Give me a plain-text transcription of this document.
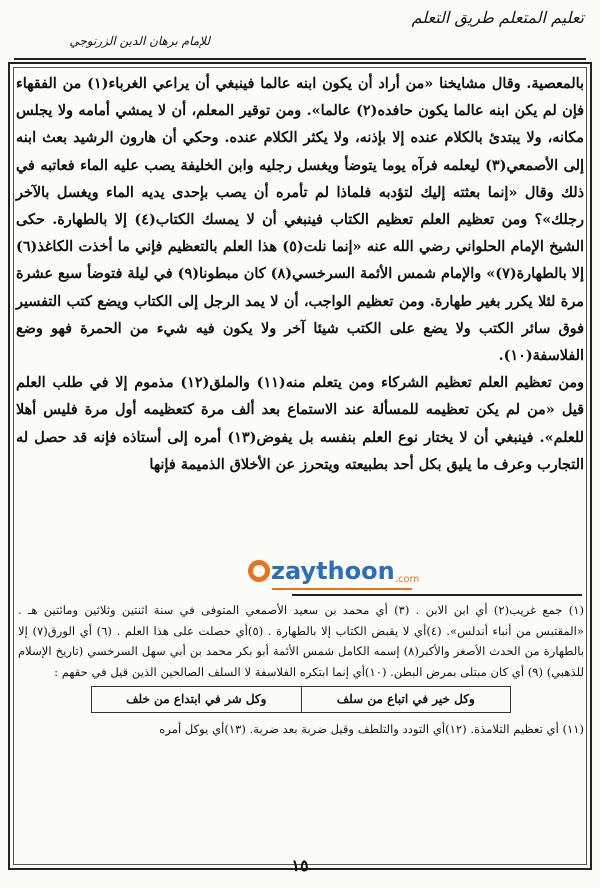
تعليم المتعلم طريق التعلم
للإمام برهان الدين الزرنوجي

بالمعصية. وقال مشايخنا «من أراد أن يكون ابنه عالما فينبغي أن يراعي الغرباء(١) من الفقهاء فإن لم يكن ابنه عالما يكون حافده(٢) عالما». ومن توقير المعلم، أن لا يمشي أمامه ولا يجلس مكانه، ولا يبتدئ بالكلام عنده إلا بإذنه، ولا يكثر الكلام عنده. وحكي أن هارون الرشيد بعث ابنه إلى الأصمعي(٣) ليعلمه فرآه يوما يتوضأ ويغسل رجليه وابن الخليفة يصب عليه الماء فعاتبه في ذلك وقال «إنما بعثته إليك لتؤدبه فلماذا لم تأمره أن يصب بإحدى يديه الماء ويغسل بالآخر رجلك»؟ ومن تعظيم العلم تعظيم الكتاب فينبغي أن لا يمسك الكتاب(٤) إلا بالطهارة. حكى الشيخ الإمام الحلواني رضي الله عنه «إنما نلت(٥) هذا العلم بالتعظيم فإني ما أخذت الكاغذ(٦) إلا بالطهارة(٧)» والإمام شمس الأئمة السرخسي(٨) كان مبطونا(٩) في ليلة فتوضأ سبع عشرة مرة لئلا يكرر بغير طهارة. ومن تعظيم الواجب، أن لا يمد الرجل إلى الكتاب ويضع كتب التفسير فوق سائر الكتب ولا يضع على الكتب شيئا آخر ولا يكون فيه شيء من الحمرة فهو وضع الفلاسفة(١٠).

ومن تعظيم العلم تعظيم الشركاء ومن يتعلم منه(١١) والملق(١٢) مذموم إلا في طلب العلم قيل «من لم يكن تعظيمه للمسألة عند الاستماع بعد ألف مرة كتعظيمه أول مرة فليس أهلا للعلم». فينبغي أن لا يختار نوع العلم بنفسه بل يفوض(١٣) أمره إلى أستاذه فإنه قد حصل له التجارب وعرف ما يليق بكل أحد بطبيعته ويتحرز عن الأخلاق الذميمة فإنها

zaythoon.com

(١) جمع غريب(٢) أي ابن الابن . (٣) أي محمد بن سعيد الأصمعي المتوفى في سنة اثنتين وثلاثين ومائتين هـ . «المقتبس من أنباء أندلس». (٤)أي لا يقبض الكتاب إلا بالطهارة . (٥)أي حصلت على هذا العلم . (٦) أي الورق(٧) إلا بالطهارة من الحدث الأصغر والأكبر(٨) إسمه الكامل شمس الأئمة أبو بكر محمد بن أبي سهل السرخسي (تاريخ الإسلام للذهبي) (٩) أي كان مبتلى بمرض البطن. (١٠)أي إنما ابتكره الفلاسفة لا السلف الصالحين الذين قيل في حقهم :

وكل خير في اتباع من سلف	وكل شر في ابتداع من خلف

(١١) أي تعظيم التلامذة. (١٢)أي التودد والتلطف وقيل ضربة بعد ضربة. (١٣)أي يوكل أمره

١٥
